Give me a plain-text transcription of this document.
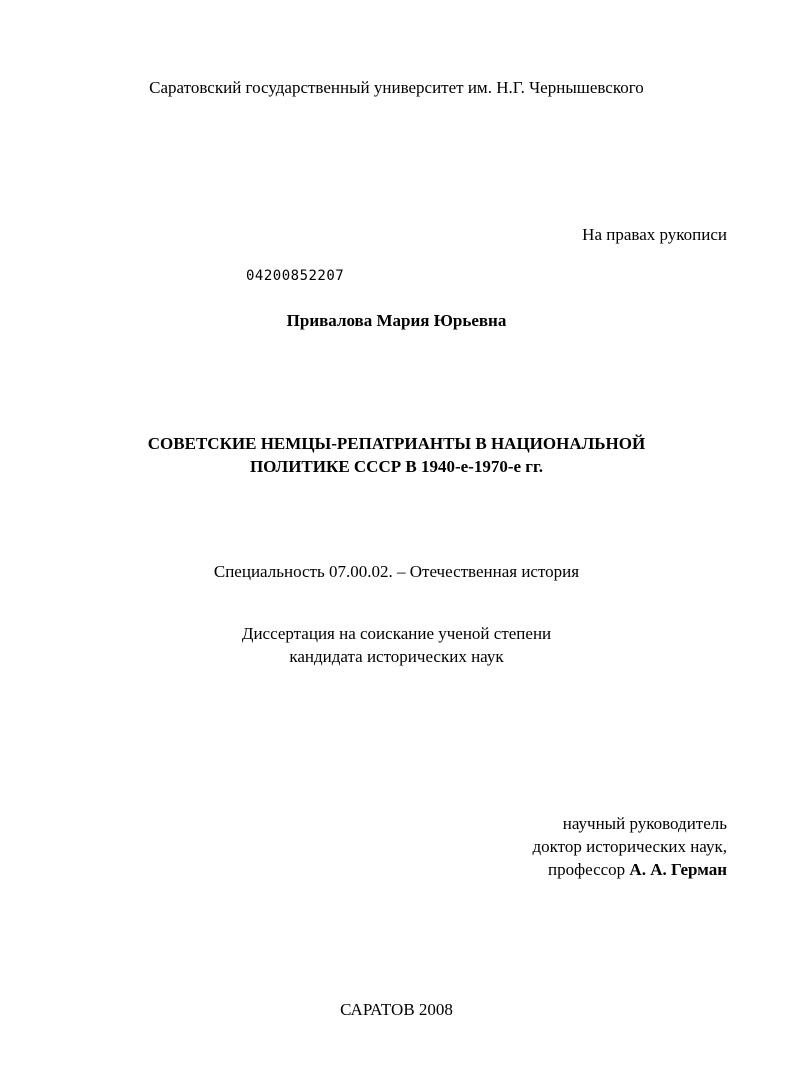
Саратовский государственный университет им. Н.Г. Чернышевского

На правах рукописи

04200852207

Привалова Мария Юрьевна

СОВЕТСКИЕ НЕМЦЫ-РЕПАТРИАНТЫ В НАЦИОНАЛЬНОЙ
ПОЛИТИКЕ СССР В 1940-е-1970-е гг.

Специальность 07.00.02. – Отечественная история

Диссертация на соискание ученой степени
кандидата исторических наук
научный руководитель
доктор исторических наук,
профессор А. А. Герман

САРАТОВ 2008
